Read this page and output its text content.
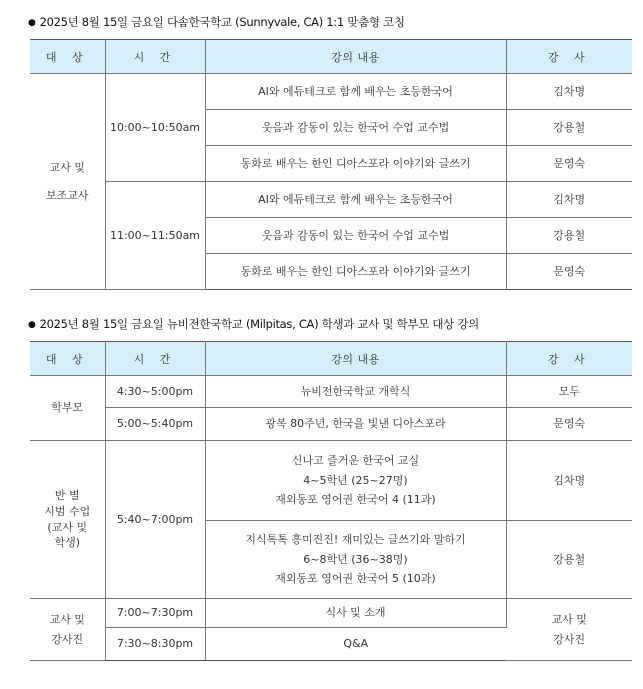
● 2025년 8월 15일 금요일 다솜한국학교 (Sunnyvale, CA) 1:1 맞춤형 코칭
대 상	시 간	강의 내용	강 사

교사 및
보조교사	10:00~10:50am	AI와 에듀테크로 함께 배우는 초등한국어	김차명
		웃음과 감동이 있는 한국어 수업 교수법	강용철
		동화로 배우는 한인 디아스포라 이야기와 글쓰기	문영숙
	11:00~11:50am	AI와 에듀테크로 함께 배우는 초등한국어	김차명
		웃음과 감동이 있는 한국어 수업 교수법	강용철
		동화로 배우는 한인 디아스포라 이야기와 글쓰기	문영숙
● 2025년 8월 15일 금요일 뉴비전한국학교 (Milpitas, CA) 학생과 교사 및 학부모 대상 강의
대 상	시 간	강의 내용	강 사
학부모	4:30~5:00pm	뉴비전한국학교 개학식	모두
	5:00~5:40pm	광복 80주년, 한국을 빛낸 디아스포라	문영숙

반 별
시범 수업
(교사 및
학생)	5:40~7:00pm	신나고 즐거운 한국어 교실
4~5학년 (25~27명)
재외동포 영어권 한국어 4 (11과)	김차명

		지식톡톡 흥미진진! 재미있는 글쓰기와 말하기
6~8학년 (36~38명)
재외동포 영어권 한국어 5 (10과)	강용철

교사 및
강사진	7:00~7:30pm	식사 및 소개	교사 및
강사진

	7:30~8:30pm	Q&A	
